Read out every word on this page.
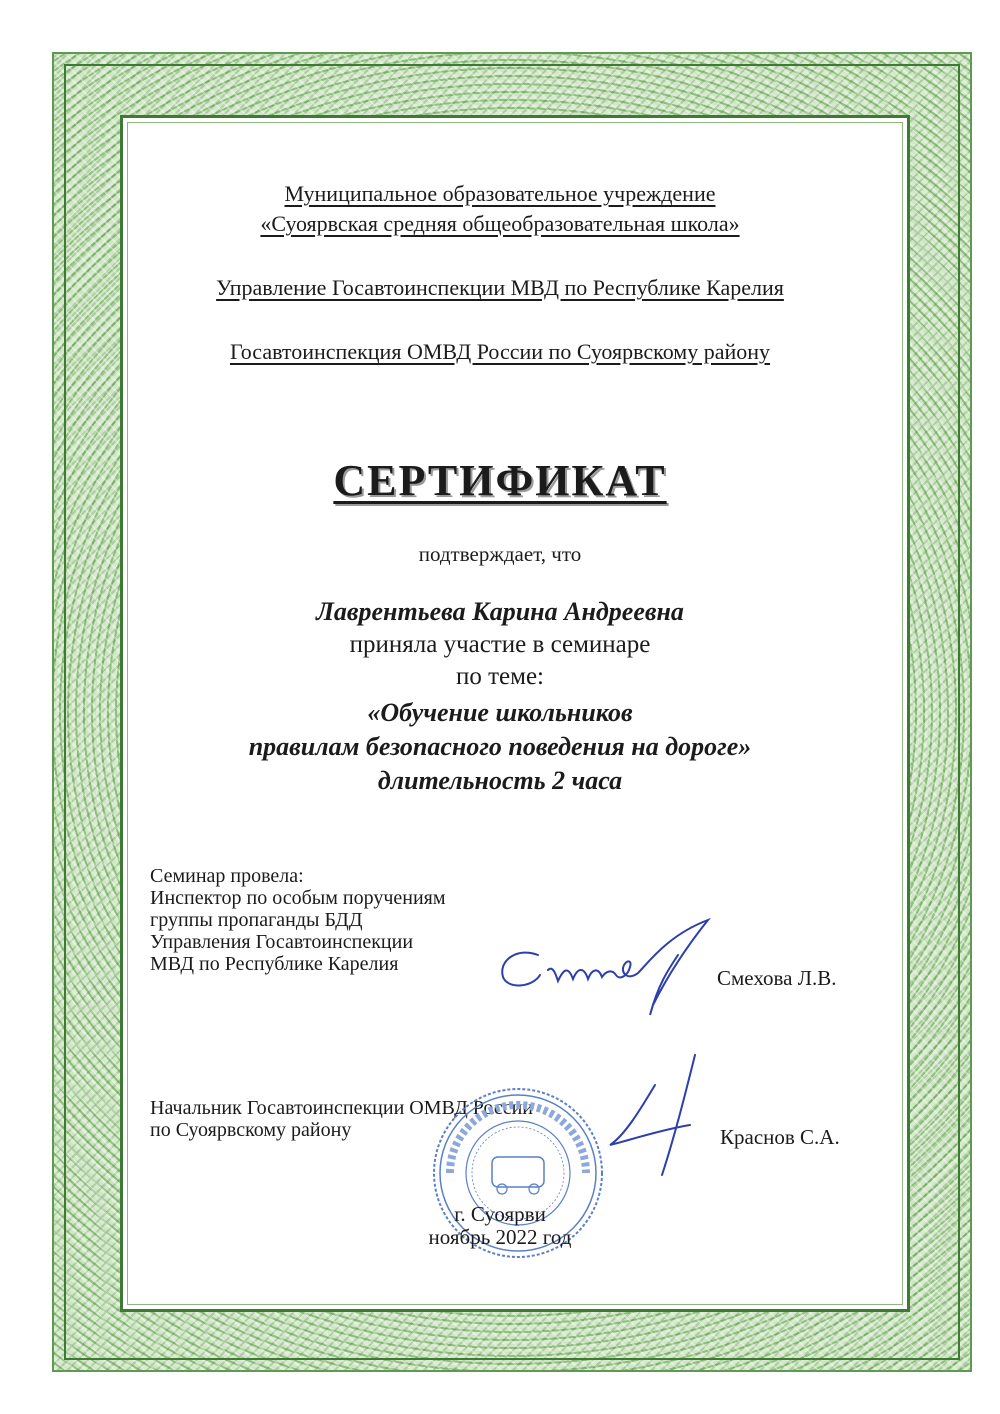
Муниципальное образовательное учреждение
«Суоярвская средняя общеобразовательная школа»
Управление Госавтоинспекции МВД по Республике Карелия
Госавтоинспекция ОМВД России по Суоярвскому району
СЕРТИФИКАТ
подтверждает, что
Лаврентьева Карина Андреевна
приняла участие в семинаре
по теме:
«Обучение школьников
правилам безопасного поведения на дороге»
длительность 2 часа
Семинар провела:
Инспектор по особым поручениям
группы пропаганды БДД
Управления Госавтоинспекции
МВД по Республике Карелия
Смехова Л.В.
Начальник Госавтоинспекции ОМВД России
по Суоярвскому району	Краснов С.А.
г. Суоярви
ноябрь 2022 год
